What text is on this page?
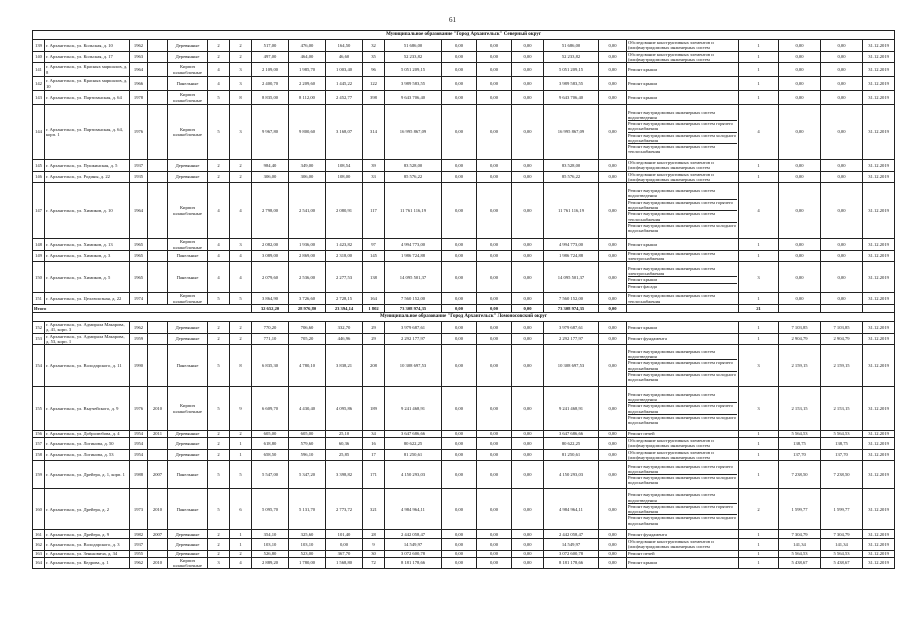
61
Муниципальное образование "Город Архангельск" Северный округ																					
139	г. Архангельск, ул. Кольская, д. 10	1962		Деревянные	2	2	517,00	476,00	164,50	32	51 686,00	0,00	0,00	0,00	51 686,00	0,00	Обследование конструктивных элементов и (или)внутридомовых инженерных систем	1	0,00	0,00	31.12.2019
140	г. Архангельск, ул. Кольская, д. 17	1963		Деревянные	2	2	497,00	464,00	46,60	35	52 233,82	0,00	0,00	0,00	52 233,82	0,00	Обследование конструктивных элементов и (или)внутридомовых инженерных систем	1	0,00	0,00	31.12.2019
141	г. Архангельск, ул. Красных маршалов, д. 8	1964		Кирпич шлакоблочные	4	3	2 109,00	1 985,70	1 003,40	96	5 051 209,15	0,00	0,00	0,00	5 051 209,15	0,00	Ремонт крыши	1	0,00	0,00	31.12.2019
142	г. Архангельск, ул. Красных маршалов, д. 10	1966		Панельные	4	3	2 400,70	2 209,60	1 445,22	122	3 989 583,55	0,00	0,00	0,00	3 989 583,55	0,00	Ремонт крыши	1	0,00	0,00	31.12.2019
143	г. Архангельск, ул. Партизанская, д. 64	1978		Кирпич шлакоблочные	5	8	8 835,00	8 112,00	2 452,77	398	9 643 706,40	0,00	0,00	0,00	9 643 706,40	0,00	Ремонт крыши	1	0,00	0,00	31.12.2019
144	г. Архангельск, ул. Партизанская, д. 64, корп. 1	1976		Кирпич шлакоблочные	5	3	9 967,80	9 800,60	3 168,07	314	16 995 867,09	0,00	0,00	0,00	16 995 867,09	0,00	Ремонт внутридомовых инженерных систем водоотведения
Ремонт внутридомовых инженерных систем горячего водоснабжения
Ремонт внутридомовых инженерных систем холодного водоснабжения
Ремонт внутридомовых инженерных систем теплоснабжения	4	0,00	0,00	31.12.2019
145	г. Архангельск, ул. Пушкинская, д. 5	1937		Деревянные	2	2	984,40	349,00	108,54	39	83 528,00	0,00	0,00	0,00	83 528,00	0,00	Обследование конструктивных элементов и (или)внутридомовых инженерных систем	1	0,00	0,00	31.12.2019
146	г. Архангельск, ул. Родины, д. 22	1935		Деревянные	2	2	306,00	306,00	108,00	33	85 576,22	0,00	0,00	0,00	85 576,22	0,00	Обследование конструктивных элементов и (или)внутридомовых инженерных систем	1	0,00	0,00	31.12.2019
147	г. Архангельск, ул. Химиков, д. 10	1964		Кирпич шлакоблочные	4	4	2 798,00	2 541,00	2 080,91	117	11 761 116,19	0,00	0,00	0,00	11 761 116,19	0,00	Ремонт внутридомовых инженерных систем водоотведения
Ремонт внутридомовых инженерных систем горячего водоснабжения
Ремонт внутридомовых инженерных систем теплоснабжения
Ремонт внутридомовых инженерных систем холодного водоснабжения	4	0,00	0,00	31.12.2019
148	г. Архангельск, ул. Химиков, д. 13	1965		Кирпич шлакоблочные	4	3	2 082,00	1 936,00	1 423,82	97	4 994 773,00	0,00	0,00	0,00	4 994 773,00	0,00	Ремонт крыши	1	0,00	0,00	31.12.2019
149	г. Архангельск, ул. Химиков, д. 3	1965		Панельные	4	4	3 089,00	2 869,00	2 318,00	145	1 986 724,88	0,00	0,00	0,00	1 986 724,88	0,00	Ремонт внутридомовых инженерных систем электроснабжения	1	0,00	0,00	31.12.2019
150	г. Архангельск, ул. Химиков, д. 5	1965		Панельные	4	4	2 079,60	2 536,00	2 277,53	138	14 095 501,37	0,00	0,00	0,00	14 095 501,37	0,00	Ремонт внутридомовых инженерных систем электроснабжения
Ремонт крыши
Ремонт фасада	3	0,00	0,00	31.12.2019
151	г. Архангельск, ул. Целлюлозная, д. 22	1974		Кирпич шлакоблочные	5	5	3 864,90	3 726,60	2 728,15	164	7 560 152,00	0,00	0,00	0,00	7 560 152,00	0,00	Ремонт внутридомовых инженерных систем теплоснабжения	1	0,00	0,00	31.12.2019
Итого							32 652,20	28 976,80	23 394,14	1 802	73 308 974,35	0,00	0,00	0,00	73 308 974,35	0,00		21			
Муниципальное образование "Город Архангельск" Ломоносовский округ																					
152	г. Архангельск, ул. Адмирала Макарова, д. 41, корп. 3	1962		Деревянные	2	2	770,20	706,60	332,70	29	3 979 687,61	0,00	0,00	0,00	3 979 687,61	0,00	Ремонт крыши	1	7 103,85	7 103,85	31.12.2019
153	г. Архангельск, ул. Адмирала Макарова, д. 53, корп. 1	1959		Деревянные	2	2	771,10	705,20	446,96	29	2 292 177,97	0,00	0,00	0,00	2 292 177,97	0,00	Ремонт фундамента	1	2 904,79	2 904,79	31.12.2019
154	г. Архангельск, ул. Володарского, д. 11	1990		Панельные	5	8	6 835,30	4 780,10	3 838,21	208	10 308 697,53	0,00	0,00	0,00	10 308 697,53	0,00	Ремонт внутридомовых инженерных систем водоотведения
Ремонт внутридомовых инженерных систем горячего водоснабжения
Ремонт внутридомовых инженерных систем холодного водоснабжения	3	2 159,15	2 159,15	31.12.2019
155	г. Архангельск, ул. Выучейского, д. 9	1976	2010	Кирпич шлакоблочные	5	9	6 609,70	4 430,40	4 095,86	189	9 241 468,91	0,00	0,00	0,00	9 241 468,91	0,00	Ремонт внутридомовых инженерных систем водоотведения
Ремонт внутридомовых инженерных систем горячего водоснабжения
Ремонт внутридомовых инженерных систем холодного водоснабжения	3	2 153,15	2 153,15	31.12.2019
156	г. Архангельск, ул. Добролюбова, д. 4	1954	2011	Деревянные	2	2	605,00	605,00	25,10	34	3 647 686,66	0,00	0,00	0,00	3 647 686,66	0,00	Ремонт печей	1	5 564,53	5 564,53	31.12.2019
157	г. Архангельск, ул. Логинова, д. 50	1954		Деревянные	2	1	618,80	579,60	60,36	16	80 622,25	0,00	0,00	0,00	80 622,25	0,00	Обследование конструктивных элементов и (или)внутридомовых инженерных систем	1	138,75	138,75	31.12.2019
158	г. Архангельск, ул. Логинова, д. 53	1954		Деревянные	2	1	658,50	596,10	25,85	17	81 250,61	0,00	0,00	0,00	81 250,61	0,00	Обследование конструктивных элементов и (или)внутридомовых инженерных систем	1	137,70	137,70	31.12.2019
159	г. Архангельск, ул. Дрейера, д. 1, корп. 1	1988	2007	Панельные	5	5	5 547,00	5 347,20	3 398,82	171	4 150 293,03	0,00	0,00	0,00	4 150 293,03	0,00	Ремонт внутридомовых инженерных систем горячего водоснабжения
Ремонт внутридомовых инженерных систем холодного водоснабжения	1	7 238,50	7 238,50	31.12.2019
160	г. Архангельск, ул. Дрейера, д. 2	1973	2010	Панельные	5	6	5 095,70	5 131,70	2 773,72	321	4 984 964,11	0,00	0,00	0,00	4 984 964,11	0,00	Ремонт внутридомовых инженерных систем водоотведения
Ремонт внутридомовых инженерных систем горячего водоснабжения
Ремонт внутридомовых инженерных систем холодного водоснабжения	2	1 599,77	1 599,77	31.12.2019
161	г. Архангельск, ул. Дрейера, д. 9	1982	2007	Деревянные	2	1	354,10	325,60	101,40	28	2 442 058,47	0,00	0,00	0,00	2 442 058,47	0,00	Ремонт фундамента	1	7 304,79	7 304,79	31.12.2019
162	г. Архангельск, ул. Володарского, д. 3	1937		Деревянные	2	1	103,10	103,10	0,00	9	14 549,97	0,00	0,00	0,00	14 549,97	0,00	Обследование конструктивных элементов и (или)внутридомовых инженерных систем	1	141,34	141,34	31.12.2019
163	г. Архангельск, ул. Зеньковича, д. 34	1955		Деревянные	2	2	526,80	523,00	367,70	30	3 072 600,78	0,00	0,00	0,00	3 072 600,78	0,00	Ремонт печей	1	5 564,53	5 564,53	31.12.2019
164	г. Архангельск, ул. Кедрова, д. 1	1962	2010	Кирпич шлакоблочные	3	4	2 889,20	1 780,00	1 568,80	72	8 181 178,66	0,00	0,00	0,00	8 181 178,66	0,00	Ремонт крыши	1	5 438,67	5 438,67	31.12.2019
